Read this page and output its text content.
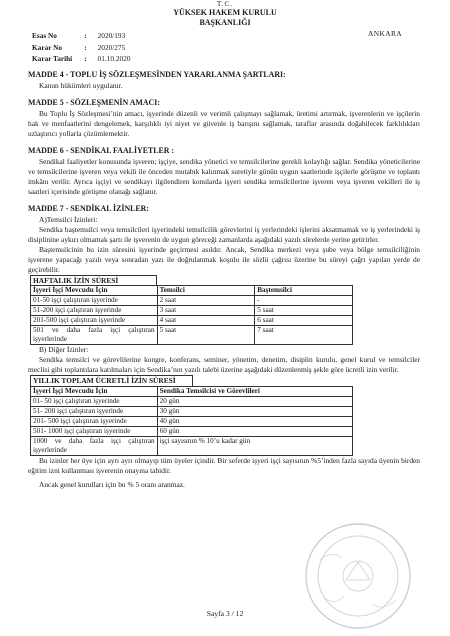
T.C.
YÜKSEK HAKEM KURULU
BAŞKANLIĞI
Esas No	:	2020/193
Karar No	:	2020/275
Karar Tarihi	:	01.10.2020
ANKARA

MADDE 4 - TOPLU İŞ SÖZLEŞMESİNDEN YARARLANMA ŞARTLARI:

Kanun hükümleri uygulanır.

MADDE 5 - SÖZLEŞMENİN AMACI:

Bu Toplu İş Sözleşmesi’nin amacı, işyerinde düzenli ve verimli çalışmayı sağlamak, üretimi artırmak, işverenlerin ve işçilerin hak ve menfaatlerini dengelemek, karşılıklı iyi niyet ve güvenle iş barışını sağlamak, taraflar arasında doğabilecek farklılıkları uzlaştırıcı yollarla çözümlemektir.

MADDE 6 - SENDİKAL FAALİYETLER :

Sendikal faaliyetler konusunda işveren; işçiye, sendika yönetici ve temsilcilerine gerekli kolaylığı sağlar. Sendika yöneticilerine ve temsilcilerine işveren veya vekili ile önceden mutabık kalınmak suretiyle günün uygun saatlerinde işçilerle görüşme ve toplantı imkânı verilir. Ayrıca işçiyi ve sendikayı ilgilendiren konularda işyeri sendika temsilcilerine işveren veya işveren vekilleri ile iş saatleri içerisinde görüşme olanağı sağlanır.

MADDE 7 - SENDİKAL İZİNLER:

A)Temsilci İzinleri:

Sendika baştemsilci veya temsilcileri işyerindeki temsilcilik görevlerini iş yerlerindeki işlerini aksatmamak ve iş yerlerindeki iş disiplinine aykırı olmamak şartı ile işverenin de uygun göreceği zamanlarda aşağıdaki yazılı sürelerde yerine getirirler.

Baştemsilcinin bu izin süresini işyerinde geçirmesi asıldır. Ancak, Sendika merkezi veya şube veya bölge temsilciliğinin işverene yapacağı yazılı veya sonradan yazı ile doğrulanmak koşulu ile sözlü çağrısı üzerine bu süreyi çağrı yapılan yerde de geçirebilir.

HAFTALIK İZİN SÜRESİ
İşyeri İşçi Mevcudu İçin	Temsilci	Baştemsilci
01-50 işçi çalıştıran işyerinde	2 saat	-
51-200 işçi çalıştıran işyerinde	3 saat	5 saat
201-500 işçi çalıştıran işyerinde	4 saat	6 saat
501 ve daha fazla işçi çalıştıran işyerlerinde	5 saat	7 saat

B) Diğer İzinler:

Sendika temsilci ve görevlilerine kongre, konferans, seminer, yönetim, denetim, disiplin kurulu, genel kurul ve temsilciler meclisi gibi toplantılara katılmaları için Sendika’nın yazılı talebi üzerine aşağıdaki düzenlenmiş şekle göre ücretli izin verilir.

YILLIK TOPLAM ÜCRETLİ İZİN SÜRESİ
İşyeri İşçi Mevcudu İçin	Sendika Temsilcisi ve Görevlileri
01- 50 işçi çalıştıran işyerinde	20 gün
51- 200 işçi çalıştıran işyerinde	30 gün
201- 500 işçi çalıştıran işyerinde	40 gün
501- 1000 işçi çalıştıran işyerinde	60 gün
1000 ve daha fazla işçi çalıştıran işyerlerinde	işçi sayısının % 10’u kadar gün

Bu izinler her üye için ayrı ayrı olmayıp tüm üyeler içindir. Bir seferde işyeri işçi sayısının %5’inden fazla sayıda üyenin birden eğitim izni kullanması işverenin onayına tabidir.

Ancak genel kurulları için bu % 5 oranı aranmaz.

Sayfa 3 / 12
